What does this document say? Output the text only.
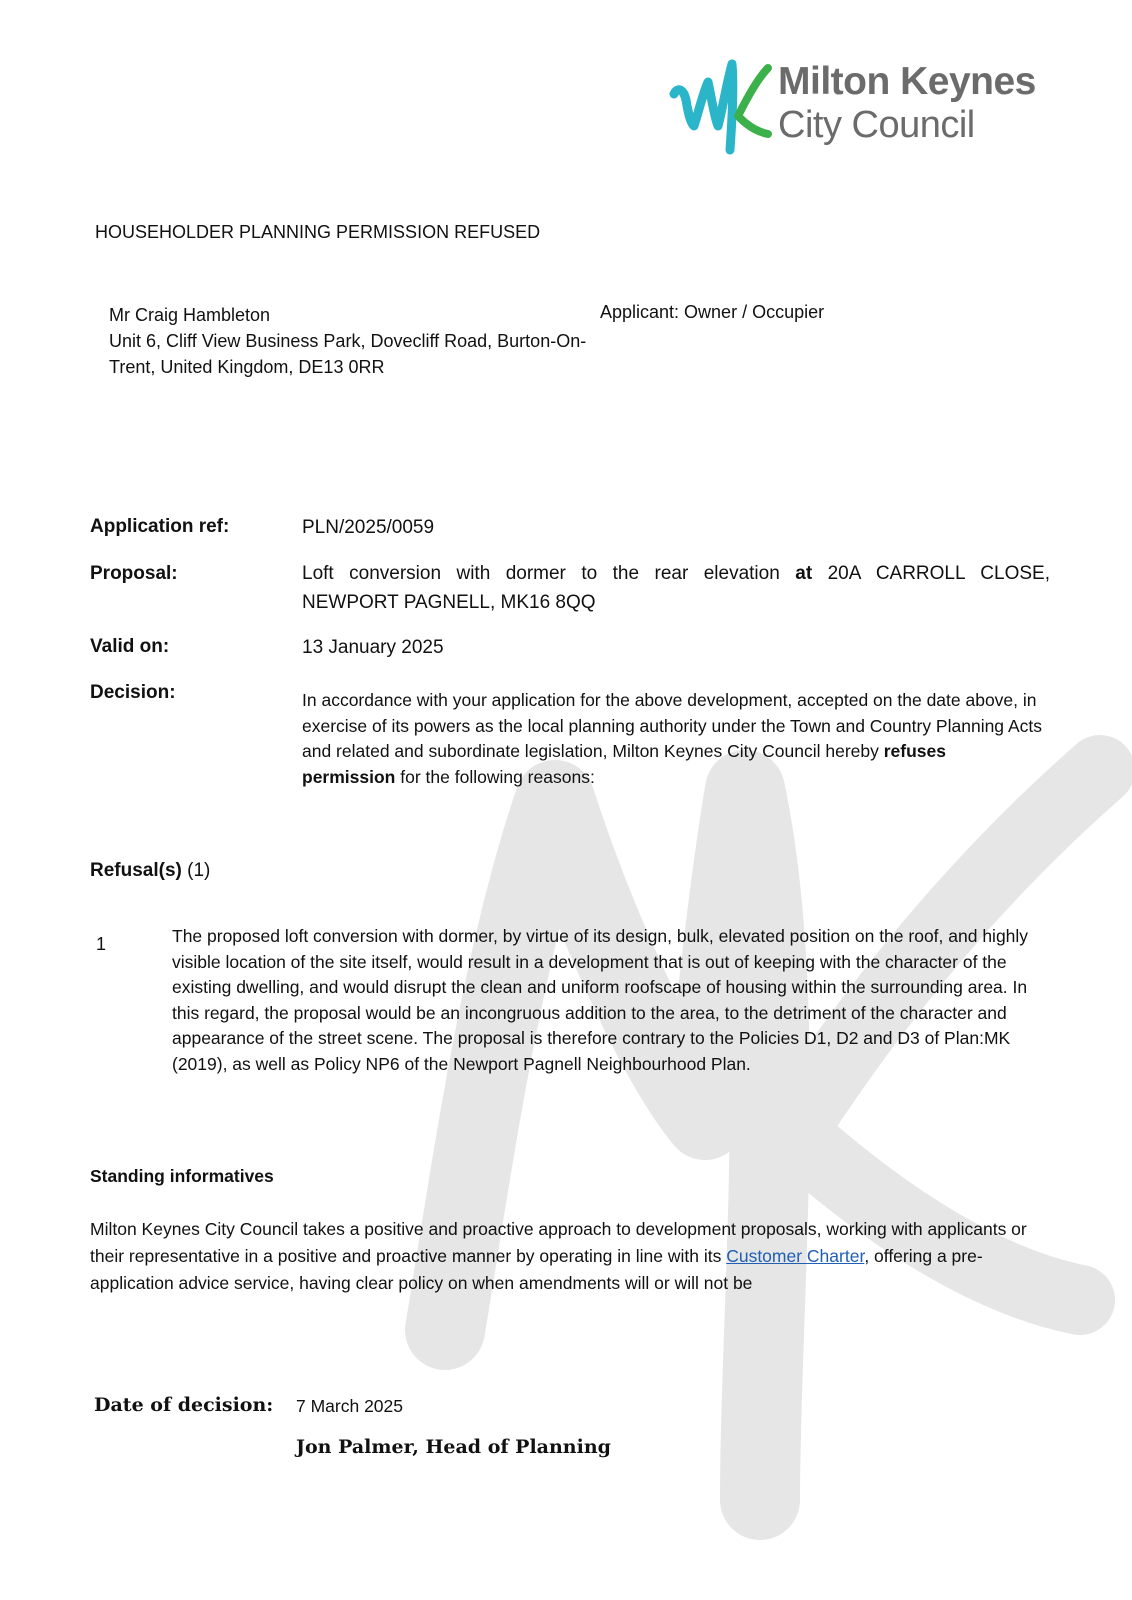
Milton Keynes
City Council
HOUSEHOLDER PLANNING PERMISSION REFUSED
Mr Craig Hambleton
Unit 6, Cliff View Business Park, Dovecliff Road, Burton-On-Trent, United Kingdom, DE13 0RR
Applicant: Owner / Occupier
Application ref:	PLN/2025/0059
Proposal:	Loft conversion with dormer to the rear elevation at 20A CARROLL CLOSE,
NEWPORT PAGNELL, MK16 8QQ
Valid on:	13 January 2025
Decision:	In accordance with your application for the above development, accepted on the date above, in exercise of its powers as the local planning authority under the Town and Country Planning Acts and related and subordinate legislation, Milton Keynes City Council hereby refuses permission for the following reasons:
Refusal(s) (1)
1	The proposed loft conversion with dormer, by virtue of its design, bulk, elevated position on the roof, and highly visible location of the site itself, would result in a development that is out of keeping with the character of the existing dwelling, and would disrupt the clean and uniform roofscape of housing within the surrounding area. In this regard, the proposal would be an incongruous addition to the area, to the detriment of the character and appearance of the street scene. The proposal is therefore contrary to the Policies D1, D2 and D3 of Plan:MK (2019), as well as Policy NP6 of the Newport Pagnell Neighbourhood Plan.
Standing informatives
Milton Keynes City Council takes a positive and proactive approach to development proposals, working with applicants or their representative in a positive and proactive manner by operating in line with its Customer Charter, offering a pre-application advice service, having clear policy on when amendments will or will not be
Date of decision: 7 March 2025
Jon Palmer, Head of Planning
